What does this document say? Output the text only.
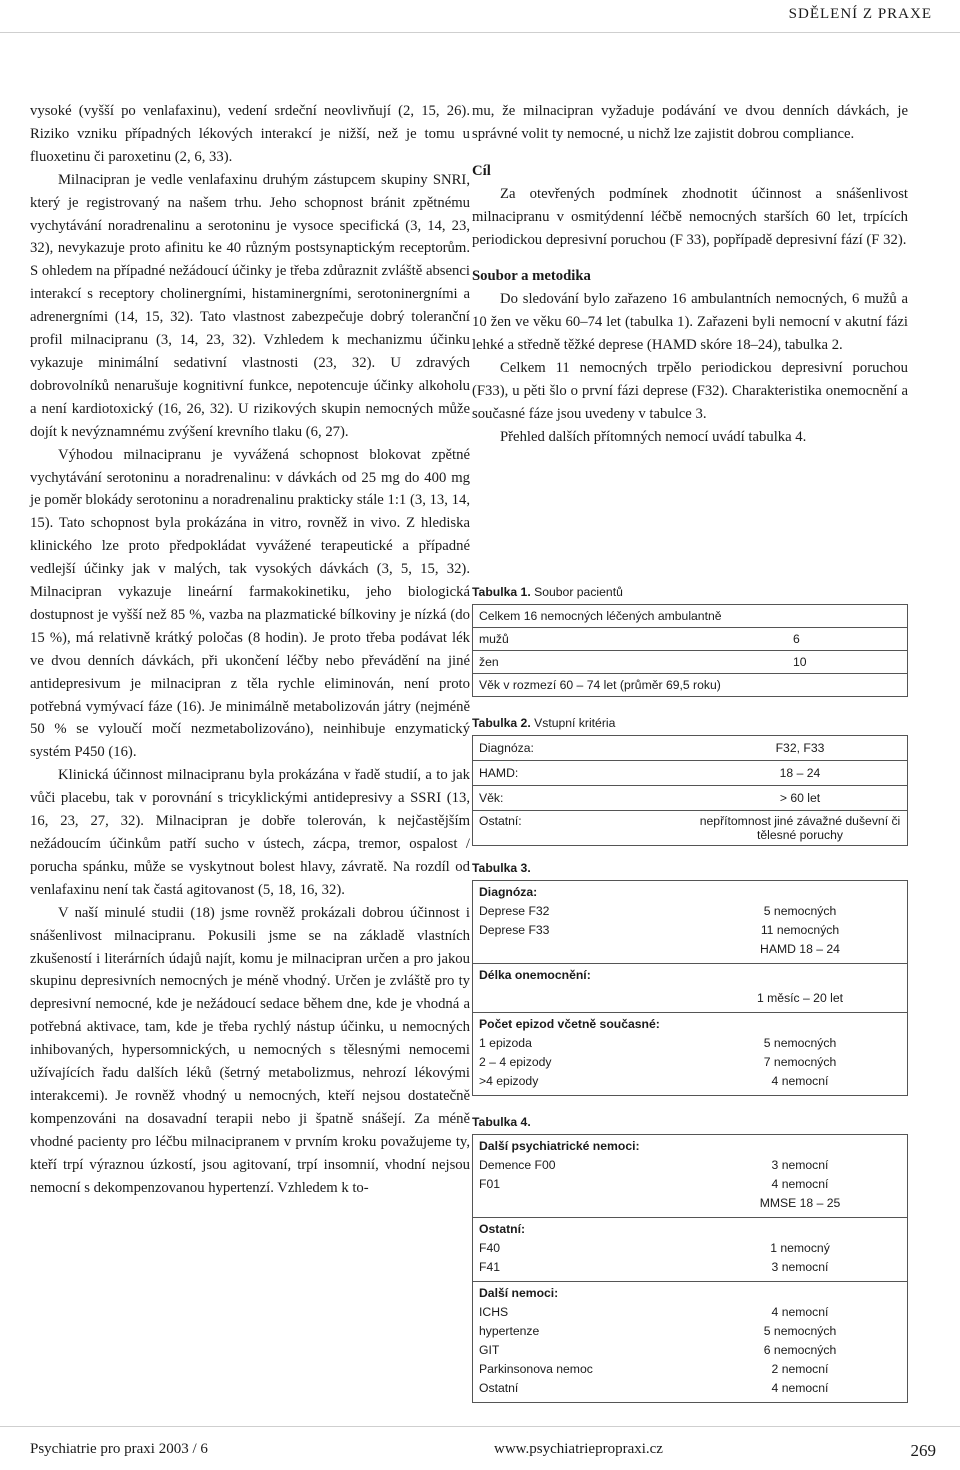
SDĚLENÍ Z PRAXE

vysoké (vyšší po venlafaxinu), vedení srdeční neovlivňují (2, 15, 26). Riziko vzniku případných lékových interakcí je nižší, než je tomu u fluoxetinu či paroxetinu (2, 6, 33).

Milnacipran je vedle venlafaxinu druhým zástupcem skupiny SNRI, který je registrovaný na našem trhu. Jeho schopnost bránit zpětnému vychytávání noradrenalinu a serotoninu je vysoce specifická (3, 14, 23, 32), nevykazuje proto afinitu ke 40 různým postsynaptickým receptorům. S ohledem na případné nežádoucí účinky je třeba zdůraznit zvláště absenci interakcí s receptory cholinergními, histaminergními, serotoninergními a adrenergními (14, 15, 32). Tato vlastnost zabezpečuje dobrý toleranční profil milnacipranu (3, 14, 23, 32). Vzhledem k mechanizmu účinku vykazuje minimální sedativní vlastnosti (23, 32). U zdravých dobrovolníků nenarušuje kognitivní funkce, nepotencuje účinky alkoholu a není kardiotoxický (16, 26, 32). U rizikových skupin nemocných může dojít k nevýznamnému zvýšení krevního tlaku (6, 27).

Výhodou milnacipranu je vyvážená schopnost blokovat zpětné vychytávání serotoninu a noradrenalinu: v dávkách od 25 mg do 400 mg je poměr blokády serotoninu a noradrenalinu prakticky stále 1:1 (3, 13, 14, 15). Tato schopnost byla prokázána in vitro, rovněž in vivo. Z hlediska klinického lze proto předpokládat vyvážené terapeutické a případné vedlejší účinky jak v malých, tak vysokých dávkách (3, 5, 15, 32). Milnacipran vykazuje lineární farmakokinetiku, jeho biologická dostupnost je vyšší než 85 %, vazba na plazmatické bílkoviny je nízká (do 15 %), má relativně krátký poločas (8 hodin). Je proto třeba podávat lék ve dvou denních dávkách, při ukončení léčby nebo převádění na jiné antidepresivum je milnacipran z těla rychle eliminován, není proto potřebná vymývací fáze (16). Je minimálně metabolizován játry (nejméně 50 % se vyloučí močí nezmetabolizováno), neinhibuje enzymatický systém P450 (16).

Klinická účinnost milnacipranu byla prokázána v řadě studií, a to jak vůči placebu, tak v porovnání s tricyklickými antidepresivy a SSRI (13, 16, 23, 27, 32). Milnacipran je dobře tolerován, k nejčastějším nežádoucím účinkům patří sucho v ústech, zácpa, tremor, ospalost / porucha spánku, může se vyskytnout bolest hlavy, závratě. Na rozdíl od venlafaxinu není tak častá agitovanost (5, 18, 16, 32).

V naší minulé studii (18) jsme rovněž prokázali dobrou účinnost i snášenlivost milnacipranu. Pokusili jsme se na základě vlastních zkušeností i literárních údajů najít, komu je milnacipran určen a pro jakou skupinu depresivních nemocných je méně vhodný. Určen je zvláště pro ty depresivní nemocné, kde je nežádoucí sedace během dne, kde je vhodná a potřebná aktivace, tam, kde je třeba rychlý nástup účinku, u nemocných inhibovaných, hypersomnických, u nemocných s tělesnými nemocemi užívajících řadu dalších léků (šetrný metabolizmus, nehrozí lékovými interakcemi). Je rovněž vhodný u nemocných, kteří nejsou dostatečně kompenzováni na dosavadní terapii nebo ji špatně snášejí. Za méně vhodné pacienty pro léčbu milnacipranem v prvním kroku považujeme ty, kteří trpí výraznou úzkostí, jsou agitovaní, trpí insomnií, vhodní nejsou nemocní s dekompenzovanou hypertenzí. Vzhledem k to-

mu, že milnacipran vyžaduje podávání ve dvou denních dávkách, je správné volit ty nemocné, u nichž lze zajistit dobrou compliance.

Cíl

Za otevřených podmínek zhodnotit účinnost a snášenlivost milnacipranu v osmitýdenní léčbě nemocných starších 60 let, trpících periodickou depresivní poruchou (F 33), popřípadě depresivní fází (F 32).

Soubor a metodika

Do sledování bylo zařazeno 16 ambulantních nemocných, 6 mužů a 10 žen ve věku 60–74 let (tabulka 1). Zařazeni byli nemocní v akutní fázi lehké a středně těžké deprese (HAMD skóre 18–24), tabulka 2.

Celkem 11 nemocných trpělo periodickou depresivní poruchou (F33), u pěti šlo o první fázi deprese (F32). Charakteristika onemocnění a současné fáze jsou uvedeny v tabulce 3.

Přehled dalších přítomných nemocí uvádí tabulka 4.

Tabulka 1. Soubor pacientů
Celkem 16 nemocných léčených ambulantně
mužů	6
žen	10
Věk v rozmezí 60 – 74 let (průměr 69,5 roku)
Tabulka 2. Vstupní kritéria
Diagnóza:	F32, F33
HAMD:	18 – 24
Věk:	> 60 let
Ostatní:	nepřítomnost jiné závažné duševní či tělesné poruchy
Tabulka 3.
Diagnóza:
Deprese F32	5 nemocných
Deprese F33	11 nemocných
HAMD 18 – 24
Délka onemocnění:
1 měsíc – 20 let
Počet epizod včetně současné:
1 epizoda	5 nemocných
2 – 4 epizody	7 nemocných
>4 epizody	4 nemocní
Tabulka 4.
Další psychiatrické nemoci:
Demence F00	3 nemocní
F01	4 nemocní
MMSE 18 – 25
Ostatní:
F40	1 nemocný
F41	3 nemocní
Další nemoci:
ICHS	4 nemocní
hypertenze	5 nemocných
GIT	6 nemocných
Parkinsonova nemoc	2 nemocní
Ostatní	4 nemocní
Psychiatrie pro praxi 2003 / 6	www.psychiatriepropraxi.cz	269
